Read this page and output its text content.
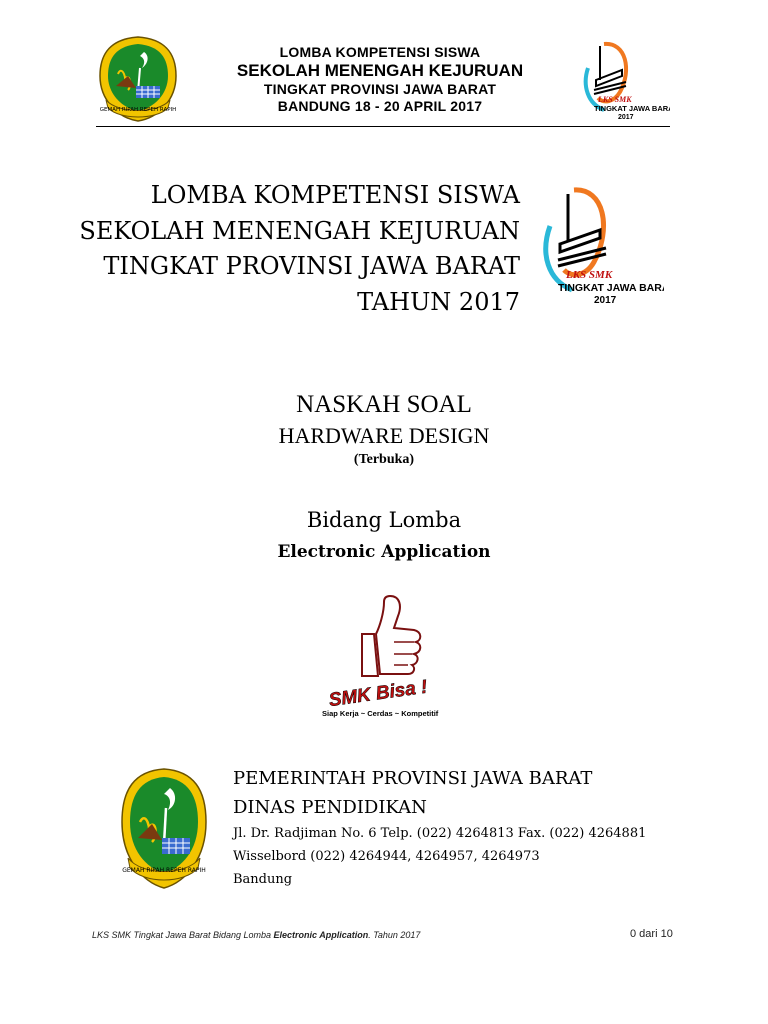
GEMAH RIPAH REPEH RAPIH
LOMBA KOMPETENSI SISWA
SEKOLAH MENENGAH KEJURUAN
TINGKAT PROVINSI JAWA BARAT
BANDUNG 18 - 20 APRIL 2017	LKS SMK
TINGKAT JAWA BARAT
2017
LOMBA KOMPETENSI SISWA
SEKOLAH MENENGAH KEJURUAN
TINGKAT PROVINSI JAWA BARAT
TAHUN 2017
LKS SMK
TINGKAT JAWA BARAT
2017
NASKAH SOAL
HARDWARE DESIGN
(Terbuka)
Bidang Lomba
Electronic Application
SMK Bisa !
Siap Kerja ~ Cerdas ~ Kompetitif
GEMAH RIPAH REPEH RAPIH
PEMERINTAH PROVINSI JAWA BARAT
DINAS PENDIDIKAN
Jl. Dr. Radjiman No. 6 Telp. (022) 4264813 Fax. (022) 4264881
Wisselbord (022) 4264944, 4264957, 4264973
Bandung
LKS SMK Tingkat Jawa Barat Bidang Lomba Electronic Application. Tahun 2017	0 dari 10
